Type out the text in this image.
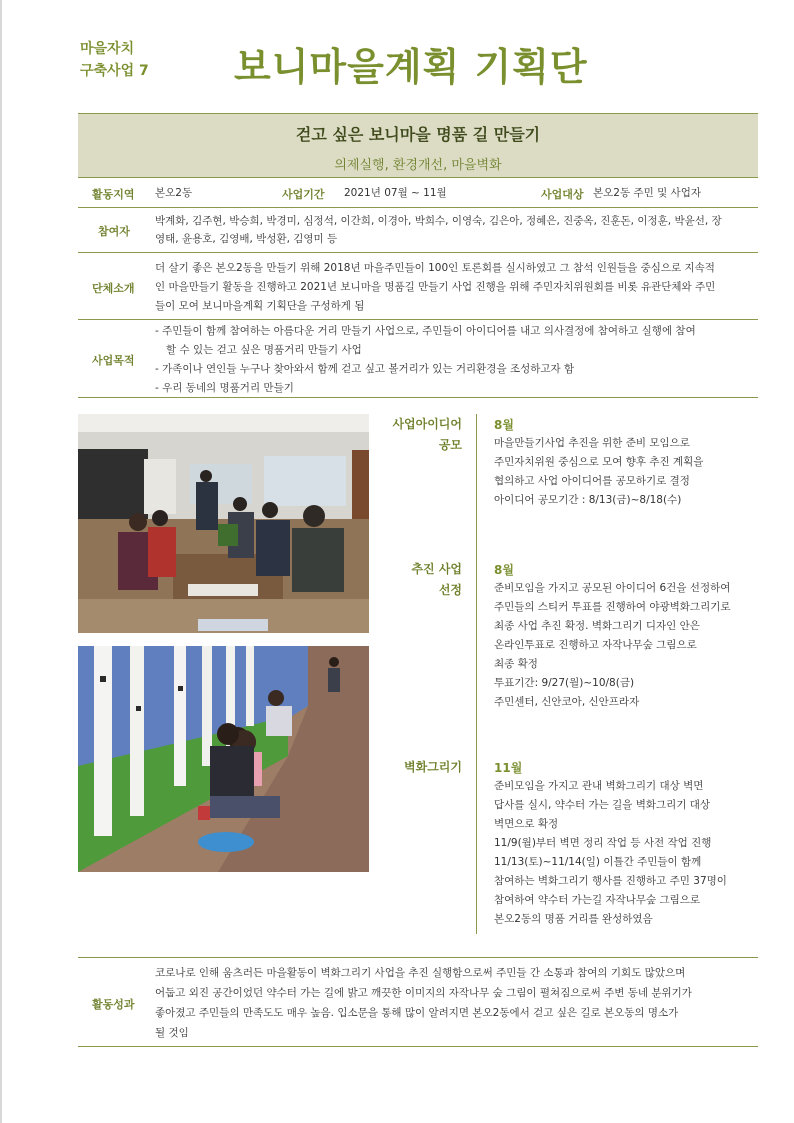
마을자치
구축사업 7 보니마을계획 기획단
걷고 싶은 보니마을 명품 길 만들기
의제실행, 환경개선, 마을벽화
활동지역 본오2동	사업기간 2021년 07월 ~ 11월	사업대상 본오2동 주민 및 사업자
참여자
박계화, 김주현, 박승희, 박경미, 심정석, 이간희, 이경아, 박희수, 이영숙, 김은아, 정혜은, 진중옥, 진훈돈, 이정훈, 박윤선, 장
영태, 윤용호, 김영배, 박성환, 김영미 등
단체소개
더 살기 좋은 본오2동을 만들기 위해 2018년 마을주민들이 100인 토론회를 실시하였고 그 참석 인원들을 중심으로 지속적
인 마을만들기 활동을 진행하고 2021년 보니마을 명품길 만들기 사업 진행을 위해 주민자치위원회를 비롯 유관단체와 주민
들이 모여 보니마을계획 기획단을 구성하게 됨
사업목적
- 주민들이 함께 참여하는 아름다운 거리 만들기 사업으로, 주민들이 아이디어를 내고 의사결정에 참여하고 실행에 참여
할 수 있는 걷고 싶은 명품거리 만들기 사업
- 가족이나 연인들 누구나 찾아와서 함께 걷고 싶고 볼거리가 있는 거리환경을 조성하고자 함
- 우리 동네의 명품거리 만들기
사업아이디어
공모
8월
마을만들기사업 추진을 위한 준비 모임으로
주민자치위원 중심으로 모여 향후 추진 계획을
협의하고 사업 아이디어를 공모하기로 결정
아이디어 공모기간 : 8/13(금)~8/18(수)
추진 사업
선정
8월
준비모임을 가지고 공모된 아이디어 6건을 선정하여
주민들의 스티커 투표를 진행하여 야광벽화그리기로
최종 사업 추진 확정. 벽화그리기 디자인 안은
온라인투표로 진행하고 자작나무숲 그림으로
최종 확정
투표기간: 9/27(월)~10/8(금)
주민센터, 신안코아, 신안프라자
벽화그리기	11월
준비모임을 가지고 관내 벽화그리기 대상 벽면
답사를 실시, 약수터 가는 길을 벽화그리기 대상
벽면으로 확정
11/9(월)부터 벽면 정리 작업 등 사전 작업 진행
11/13(토)~11/14(일) 이틀간 주민들이 함께
참여하는 벽화그리기 행사를 진행하고 주민 37명이
참여하여 약수터 가는길 자작나무숲 그림으로
본오2동의 명품 거리를 완성하였음
활동성과
코로나로 인해 움츠러든 마을활동이 벽화그리기 사업을 추진 실행함으로써 주민들 간 소통과 참여의 기회도 많았으며
어둡고 외진 공간이었던 약수터 가는 길에 밝고 깨끗한 이미지의 자작나무 숲 그림이 펼쳐짐으로써 주변 동네 분위기가
좋아졌고 주민들의 만족도도 매우 높음. 입소문을 통해 많이 알려지면 본오2동에서 걷고 싶은 길로 본오동의 명소가
될 것임
